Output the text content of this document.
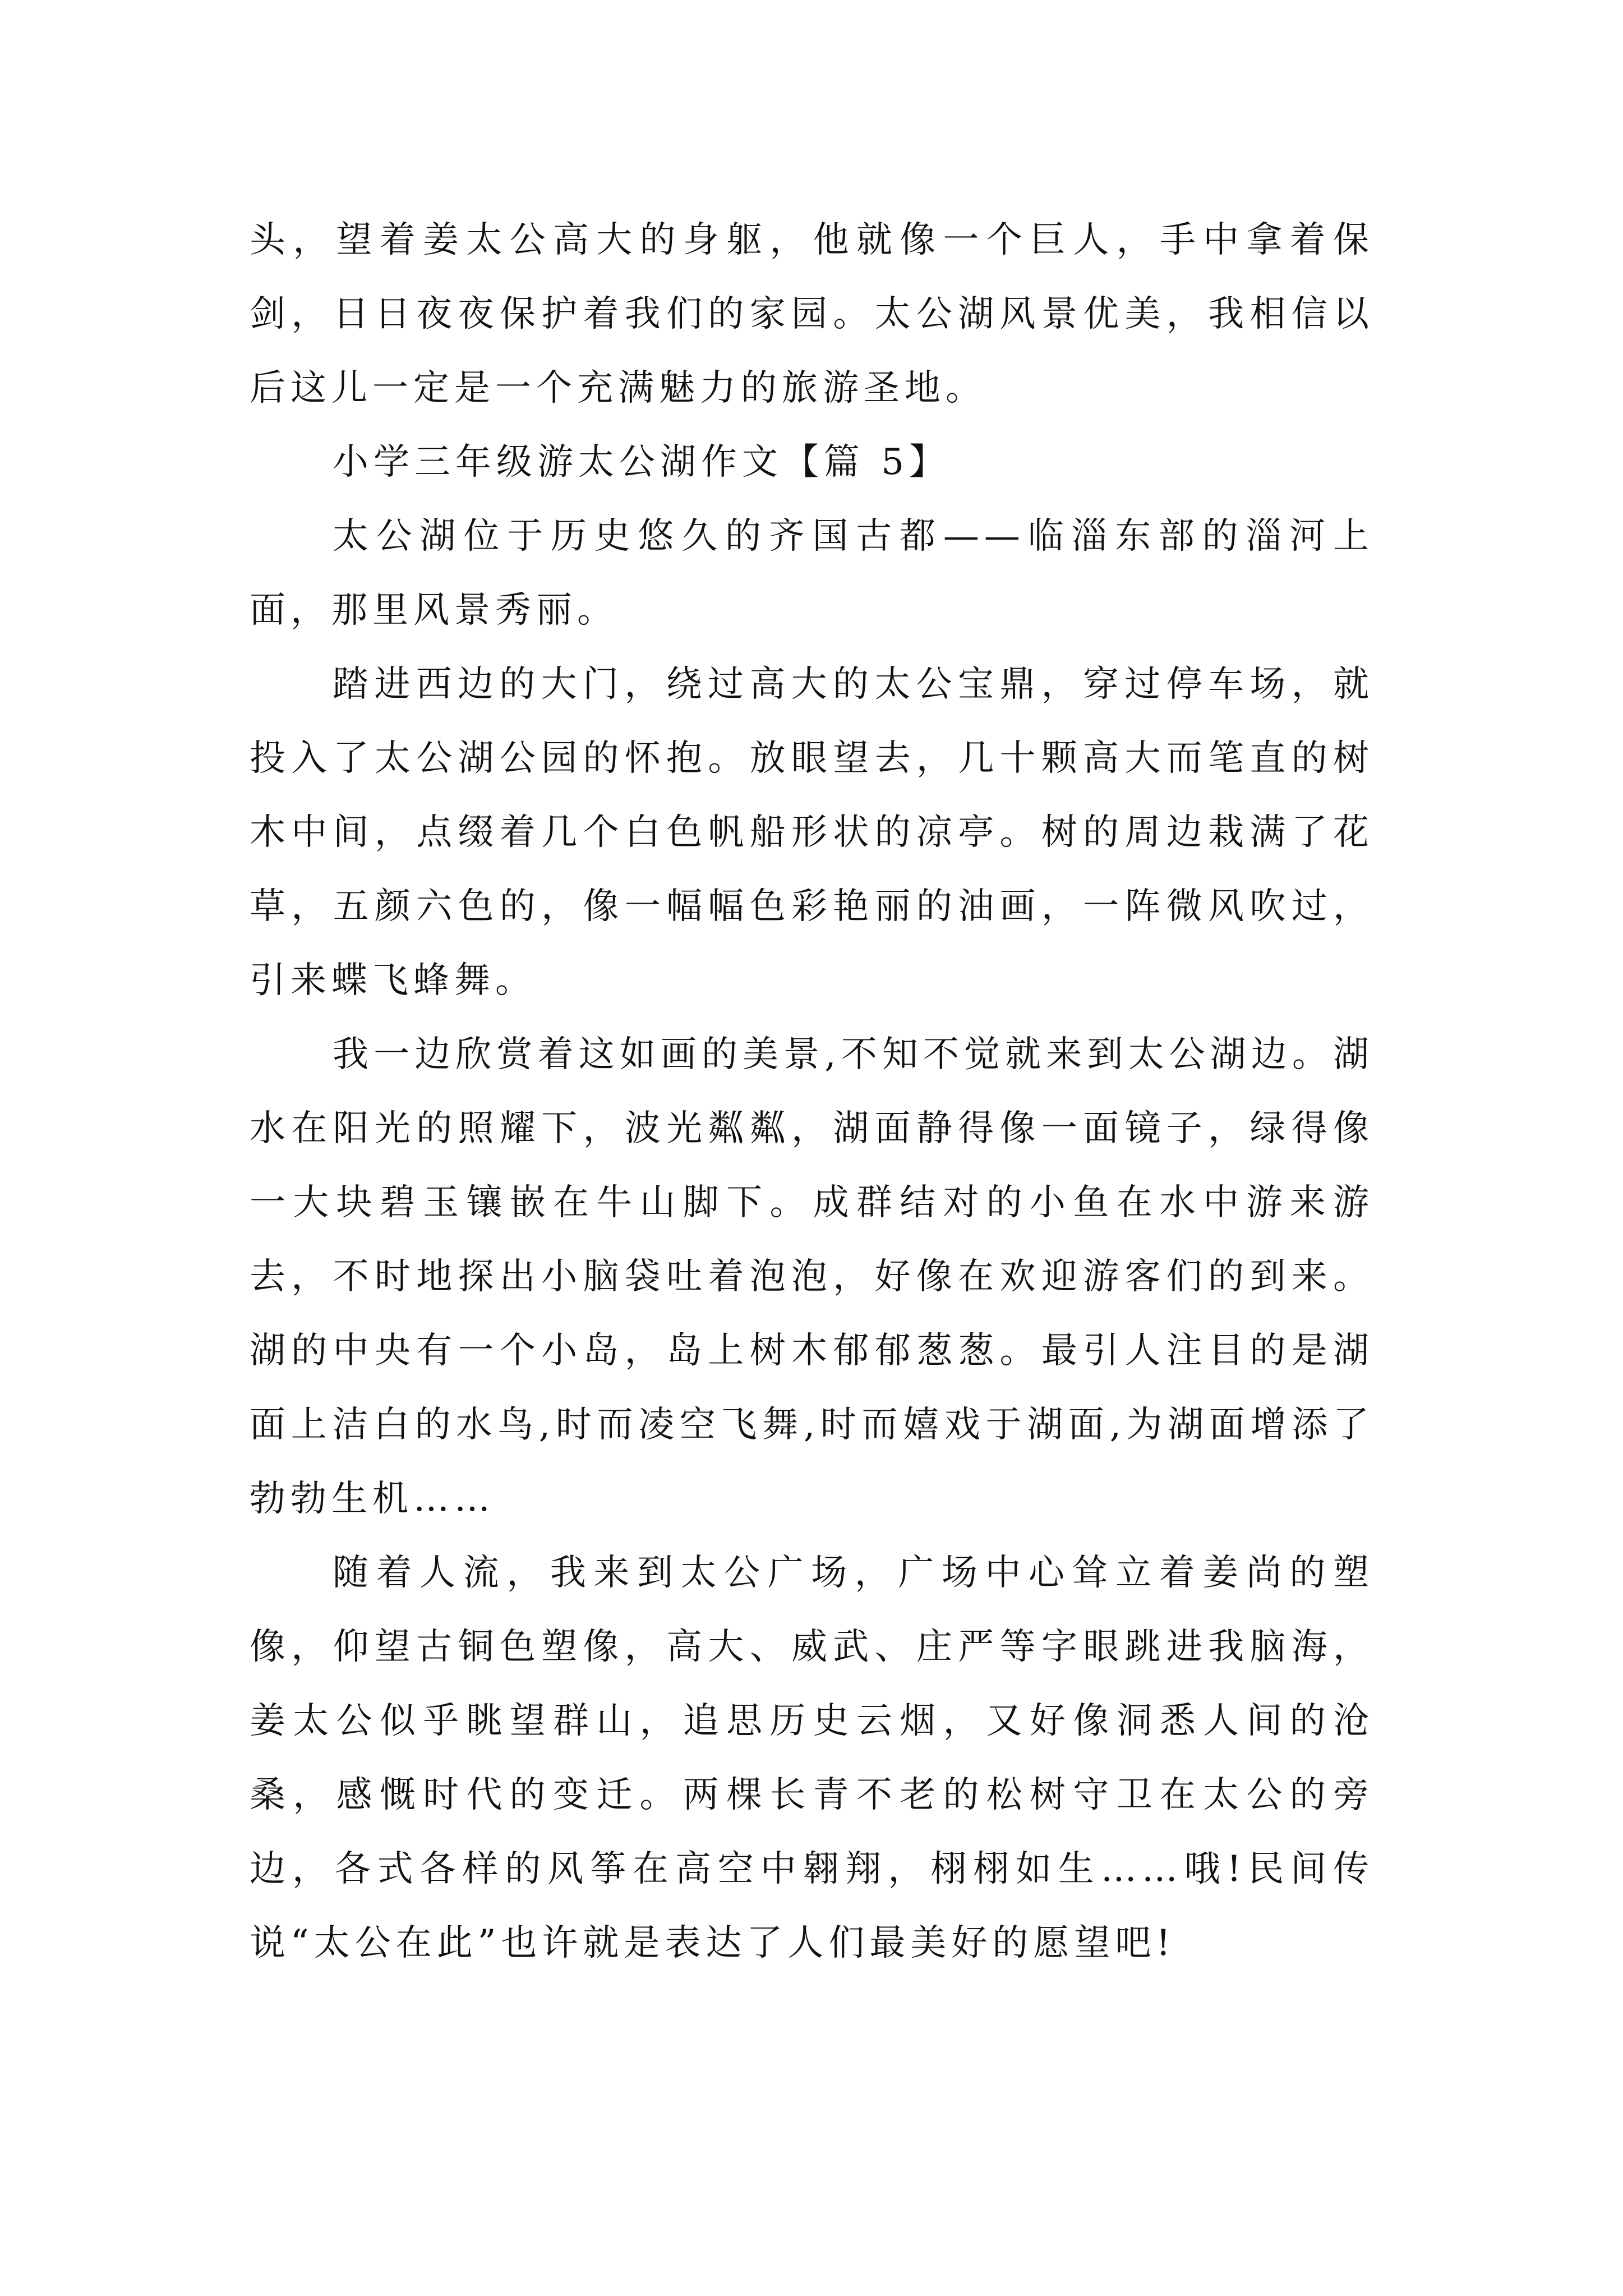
头，望着姜太公高大的身躯，他就像一个巨人，手中拿着保剑，日日夜夜保护着我们的家园。太公湖风景优美，我相信以后这儿一定是一个充满魅力的旅游圣地。

小学三年级游太公湖作文【篇 5】

太公湖位于历史悠久的齐国古都——临淄东部的淄河上面，那里风景秀丽。

踏进西边的大门，绕过高大的太公宝鼎，穿过停车场，就投入了太公湖公园的怀抱。放眼望去，几十颗高大而笔直的树木中间，点缀着几个白色帆船形状的凉亭。树的周边栽满了花草，五颜六色的，像一幅幅色彩艳丽的油画，一阵微风吹过，引来蝶飞蜂舞。

我一边欣赏着这如画的美景,不知不觉就来到太公湖边。湖水在阳光的照耀下，波光粼粼，湖面静得像一面镜子，绿得像一大块碧玉镶嵌在牛山脚下。成群结对的小鱼在水中游来游去，不时地探出小脑袋吐着泡泡，好像在欢迎游客们的到来。湖的中央有一个小岛，岛上树木郁郁葱葱。最引人注目的是湖面上洁白的水鸟,时而凌空飞舞,时而嬉戏于湖面,为湖面增添了勃勃生机……

随着人流，我来到太公广场，广场中心耸立着姜尚的塑像，仰望古铜色塑像，高大、威武、庄严等字眼跳进我脑海，姜太公似乎眺望群山，追思历史云烟，又好像洞悉人间的沧桑，感慨时代的变迁。两棵长青不老的松树守卫在太公的旁边，各式各样的风筝在高空中翱翔，栩栩如生……哦!民间传说“太公在此”也许就是表达了人们最美好的愿望吧!
